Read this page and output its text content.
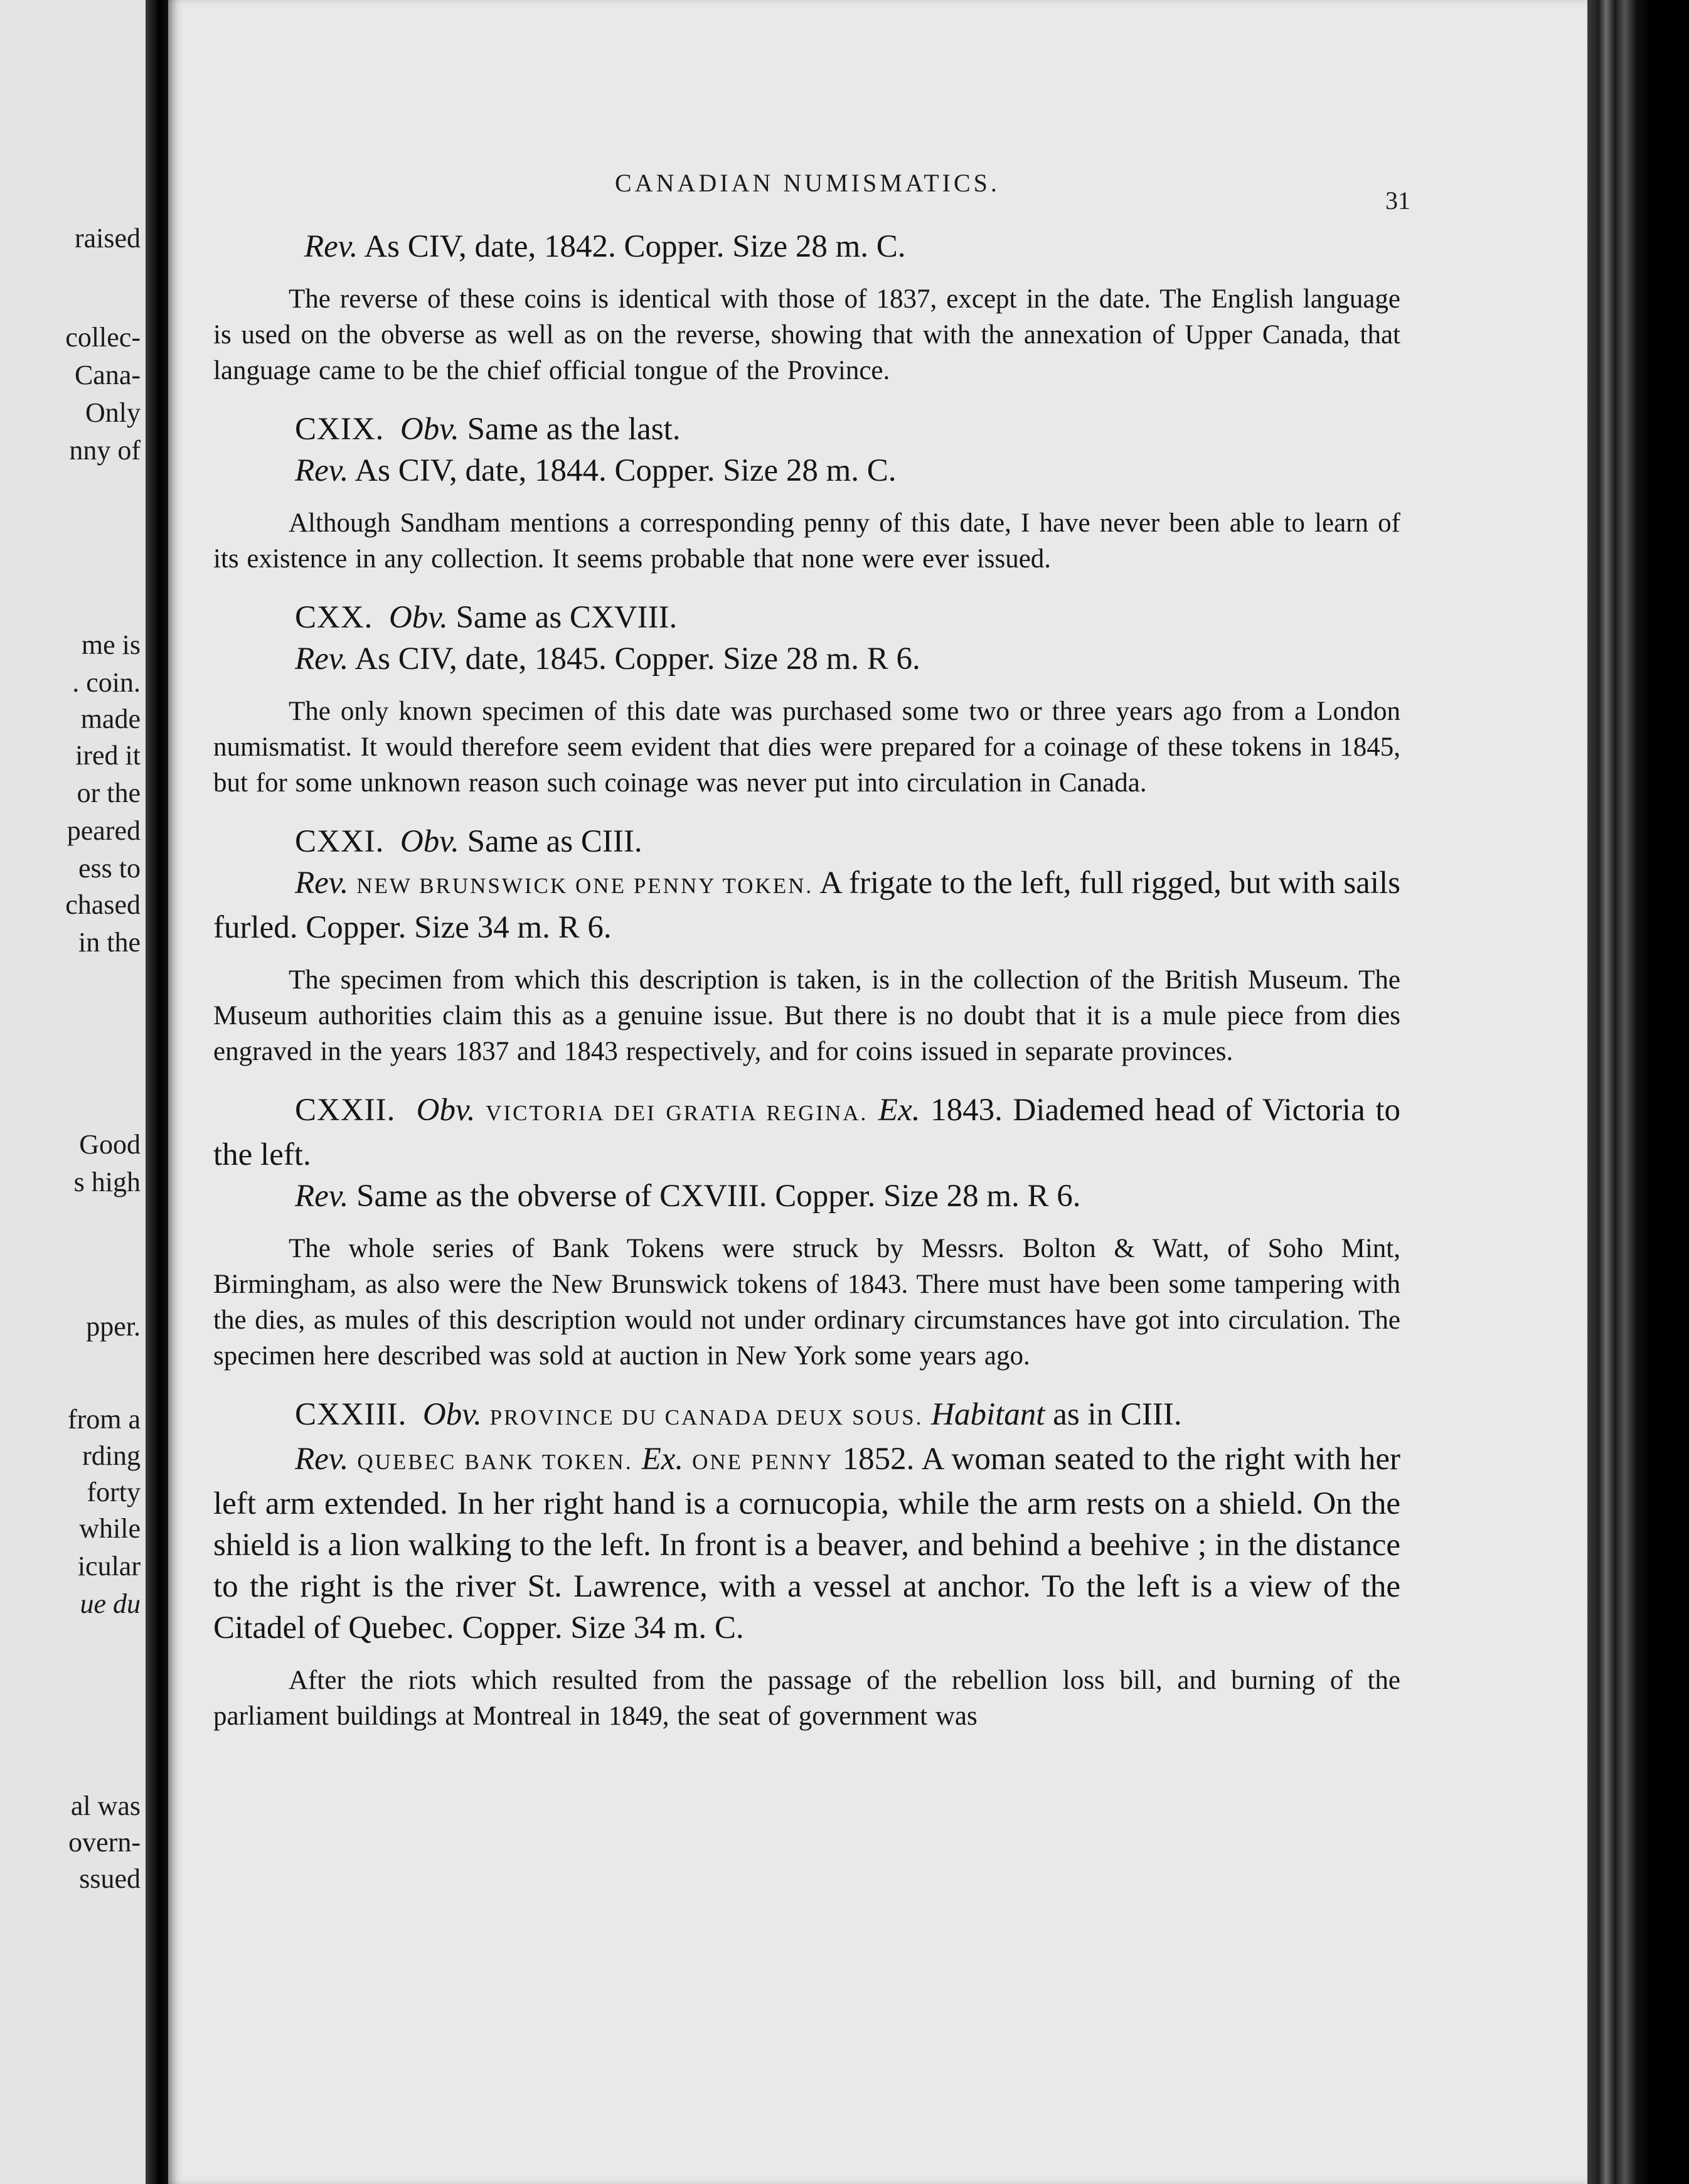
raised
collec-
Cana-
Only
nny of
me is
. coin.
made
ired it
or the
peared
ess to
chased
in the
Good
s high
pper.
from a
rding
forty
while
icular
ue du
al was
overn-
ssued
CANADIAN NUMISMATICS.
31

Rev. As CIV, date, 1842. Copper. Size 28 m. C.

The reverse of these coins is identical with those of 1837, except in the date. The English language is used on the obverse as well as on the reverse, showing that with the annexation of Upper Canada, that language came to be the chief official tongue of the Province.

CXIX. Obv. Same as the last.

Rev. As CIV, date, 1844. Copper. Size 28 m. C.

Although Sandham mentions a corresponding penny of this date, I have never been able to learn of its existence in any collection. It seems probable that none were ever issued.

CXX. Obv. Same as CXVIII.

Rev. As CIV, date, 1845. Copper. Size 28 m. R 6.

The only known specimen of this date was purchased some two or three years ago from a London numismatist. It would therefore seem evident that dies were prepared for a coinage of these tokens in 1845, but for some unknown reason such coinage was never put into circulation in Canada.

CXXI. Obv. Same as CIII.

Rev. NEW BRUNSWICK ONE PENNY TOKEN. A frigate to the left, full rigged, but with sails furled. Copper. Size 34 m. R 6.

The specimen from which this description is taken, is in the collection of the British Museum. The Museum authorities claim this as a genuine issue. But there is no doubt that it is a mule piece from dies engraved in the years 1837 and 1843 respectively, and for coins issued in separate provinces.

CXXII. Obv. VICTORIA DEI GRATIA REGINA. Ex. 1843. Diademed head of Victoria to the left.

Rev. Same as the obverse of CXVIII. Copper. Size 28 m. R 6.

The whole series of Bank Tokens were struck by Messrs. Bolton & Watt, of Soho Mint, Birmingham, as also were the New Brunswick tokens of 1843. There must have been some tampering with the dies, as mules of this description would not under ordinary circumstances have got into circulation. The specimen here described was sold at auction in New York some years ago.

CXXIII. Obv. PROVINCE DU CANADA DEUX SOUS. Habitant as in CIII.

Rev. QUEBEC BANK TOKEN. Ex. ONE PENNY 1852. A woman seated to the right with her left arm extended. In her right hand is a cornucopia, while the arm rests on a shield. On the shield is a lion walking to the left. In front is a beaver, and behind a beehive ; in the distance to the right is the river St. Lawrence, with a vessel at anchor. To the left is a view of the Citadel of Quebec. Copper. Size 34 m. C.

After the riots which resulted from the passage of the rebellion loss bill, and burning of the parliament buildings at Montreal in 1849, the seat of government was
